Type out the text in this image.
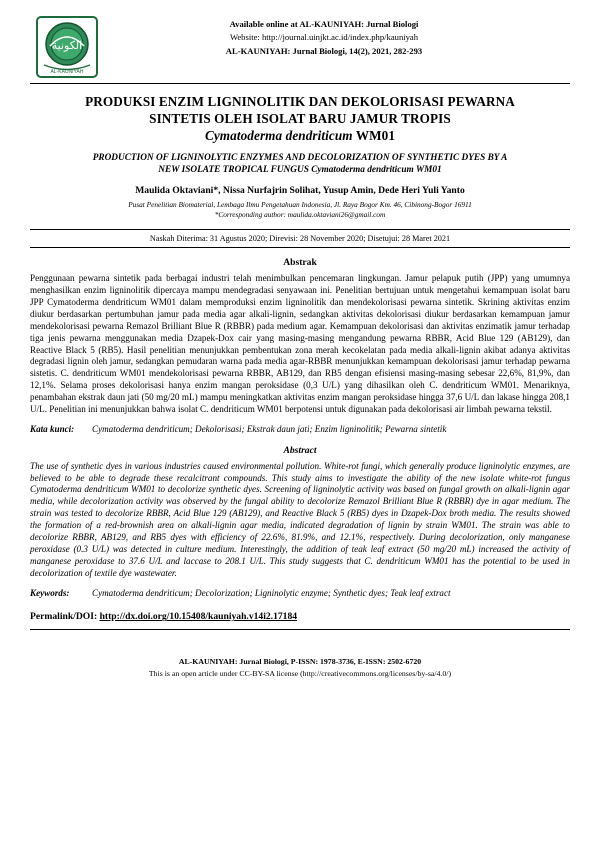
الكونية
AL-KAUNIYAH
Available online at AL-KAUNIYAH: Jurnal Biologi
Website: http://journal.uinjkt.ac.id/index.php/kauniyah
AL-KAUNIYAH: Jurnal Biologi, 14(2), 2021, 282-293
PRODUKSI ENZIM LIGNINOLITIK DAN DEKOLORISASI PEWARNA
SINTETIS OLEH ISOLAT BARU JAMUR TROPIS
Cymatoderma dendriticum WM01
PRODUCTION OF LIGNINOLYTIC ENZYMES AND DECOLORIZATION OF SYNTHETIC DYES BY A
NEW ISOLATE TROPICAL FUNGUS Cymatoderma dendriticum WM01
Maulida Oktaviani*, Nissa Nurfajrin Solihat, Yusup Amin, Dede Heri Yuli Yanto
Pusat Penelitian Biomaterial, Lembaga Ilmu Pengetahuan Indonesia, Jl. Raya Bogor Km. 46, Cibinong-Bogor 16911
*Corresponding author: maulida.oktaviani26@gmail.com
Naskah Diterima: 31 Agustus 2020; Direvisi: 28 November 2020; Disetujui: 28 Maret 2021
Abstrak

Penggunaan pewarna sintetik pada berbagai industri telah menimbulkan pencemaran lingkungan. Jamur pelapuk putih (JPP) yang umumnya menghasilkan enzim ligninolitik dipercaya mampu mendegradasi senyawaan ini. Penelitian bertujuan untuk mengetahui kemampuan isolat baru JPP Cymatoderma dendriticum WM01 dalam memproduksi enzim ligninolitik dan mendekolorisasi pewarna sintetik. Skrining aktivitas enzim diukur berdasarkan pertumbuhan jamur pada media agar alkali-lignin, sedangkan aktivitas dekolorisasi diukur berdasarkan kemampuan jamur mendekolorisasi pewarna Remazol Brilliant Blue R (RBBR) pada medium agar. Kemampuan dekolorisasi dan aktivitas enzimatik jamur terhadap tiga jenis pewarna menggunakan media Dzapek-Dox cair yang masing-masing mengandung pewarna RBBR, Acid Blue 129 (AB129), dan Reactive Black 5 (RB5). Hasil penelitian menunjukkan pembentukan zona merah kecokelatan pada media alkali-lignin akibat adanya aktivitas degradasi lignin oleh jamur, sedangkan pemudaran warna pada media agar-RBBR menunjukkan kemampuan dekolorisasi jamur terhadap pewarna sistetis. C. dendriticum WM01 mendekolorisasi pewarna RBBR, AB129, dan RB5 dengan efisiensi masing-masing sebesar 22,6%, 81,9%, dan 12,1%. Selama proses dekolorisasi hanya enzim mangan peroksidase (0,3 U/L) yang dihasilkan oleh C. dendriticum WM01. Menariknya, penambahan ekstrak daun jati (50 mg/20 mL) mampu meningkatkan aktivitas enzim mangan peroksidase hingga 37,6 U/L dan lakase hingga 208,1 U/L. Penelitian ini menunjukkan bahwa isolat C. dendriticum WM01 berpotensi untuk digunakan pada dekolorisasi air limbah pewarna tekstil.

Kata kunci:	Cymatoderma dendriticum; Dekolorisasi; Ekstrak daun jati; Enzim ligninolitik; Pewarna sintetik
Abstract

The use of synthetic dyes in various industries caused environmental pollution. White-rot fungi, which generally produce ligninolytic enzymes, are believed to be able to degrade these recalcitrant compounds. This study aims to investigate the ability of the new isolate white-rot fungus Cymatoderma dendriticum WM01 to decolorize synthetic dyes. Screening of ligninolytic activity was based on fungal growth on alkali-lignin agar media, while decolorization activity was observed by the fungal ability to decolorize Remazol Brilliant Blue R (RBBR) dye in agar medium. The strain was tested to decolorize RBBR, Acid Blue 129 (AB129), and Reactive Black 5 (RB5) dyes in Dzapek-Dox broth media. The results showed the formation of a red-brownish area on alkali-lignin agar media, indicated degradation of lignin by strain WM01. The strain was able to decolorize RBBR, AB129, and RB5 dyes with efficiency of 22.6%, 81.9%, and 12.1%, respectively. During decolorization, only manganese peroxidase (0.3 U/L) was detected in culture medium. Interestingly, the addition of teak leaf extract (50 mg/20 mL) increased the activity of manganese peroxidase to 37.6 U/L and laccase to 208.1 U/L. This study suggests that C. dendriticum WM01 has the potential to be used in decolorization of textile dye wastewater.

Keywords:	Cymatoderma dendriticum; Decolorization; Ligninolytic enzyme; Synthetic dyes; Teak leaf extract
Permalink/DOI: http://dx.doi.org/10.15408/kauniyah.v14i2.17184
AL-KAUNIYAH: Jurnal Biologi, P-ISSN: 1978-3736, E-ISSN: 2502-6720
This is an open article under CC-BY-SA license (http://creativecommons.org/licenses/by-sa/4.0/)
